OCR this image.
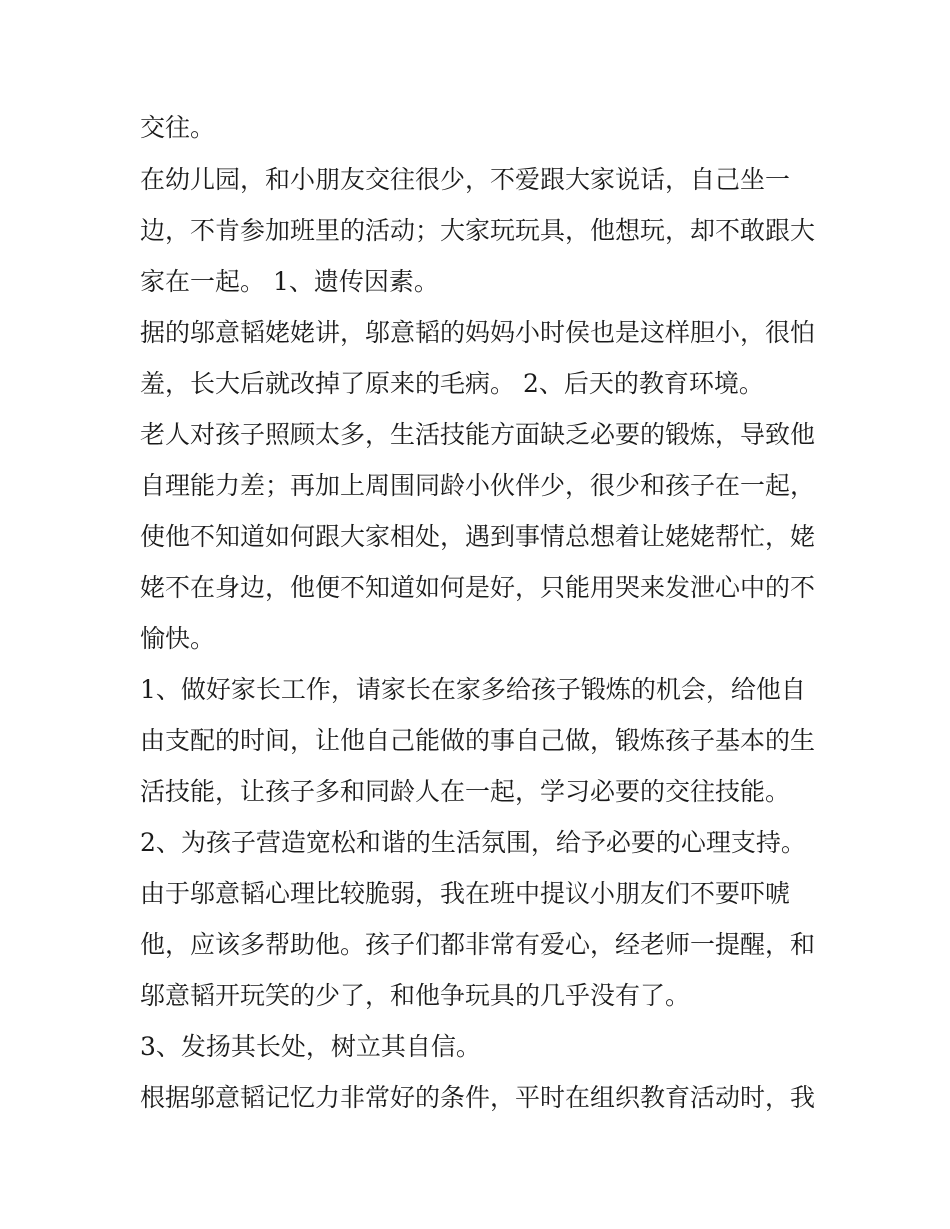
交往。
在幼儿园，和小朋友交往很少，不爱跟大家说话，自己坐一
边，不肯参加班里的活动；大家玩玩具，他想玩，却不敢跟大
家在一起。 1、遗传因素。
据的邬意韬姥姥讲，邬意韬的妈妈小时侯也是这样胆小，很怕
羞，长大后就改掉了原来的毛病。 2、后天的教育环境。
老人对孩子照顾太多，生活技能方面缺乏必要的锻炼，导致他
自理能力差；再加上周围同龄小伙伴少，很少和孩子在一起，
使他不知道如何跟大家相处，遇到事情总想着让姥姥帮忙，姥
姥不在身边，他便不知道如何是好，只能用哭来发泄心中的不
愉快。
1、做好家长工作，请家长在家多给孩子锻炼的机会，给他自
由支配的时间，让他自己能做的事自己做，锻炼孩子基本的生
活技能，让孩子多和同龄人在一起，学习必要的交往技能。
2、为孩子营造宽松和谐的生活氛围，给予必要的心理支持。
由于邬意韬心理比较脆弱，我在班中提议小朋友们不要吓唬
他，应该多帮助他。孩子们都非常有爱心，经老师一提醒，和
邬意韬开玩笑的少了，和他争玩具的几乎没有了。
3、发扬其长处，树立其自信。
根据邬意韬记忆力非常好的条件，平时在组织教育活动时，我
